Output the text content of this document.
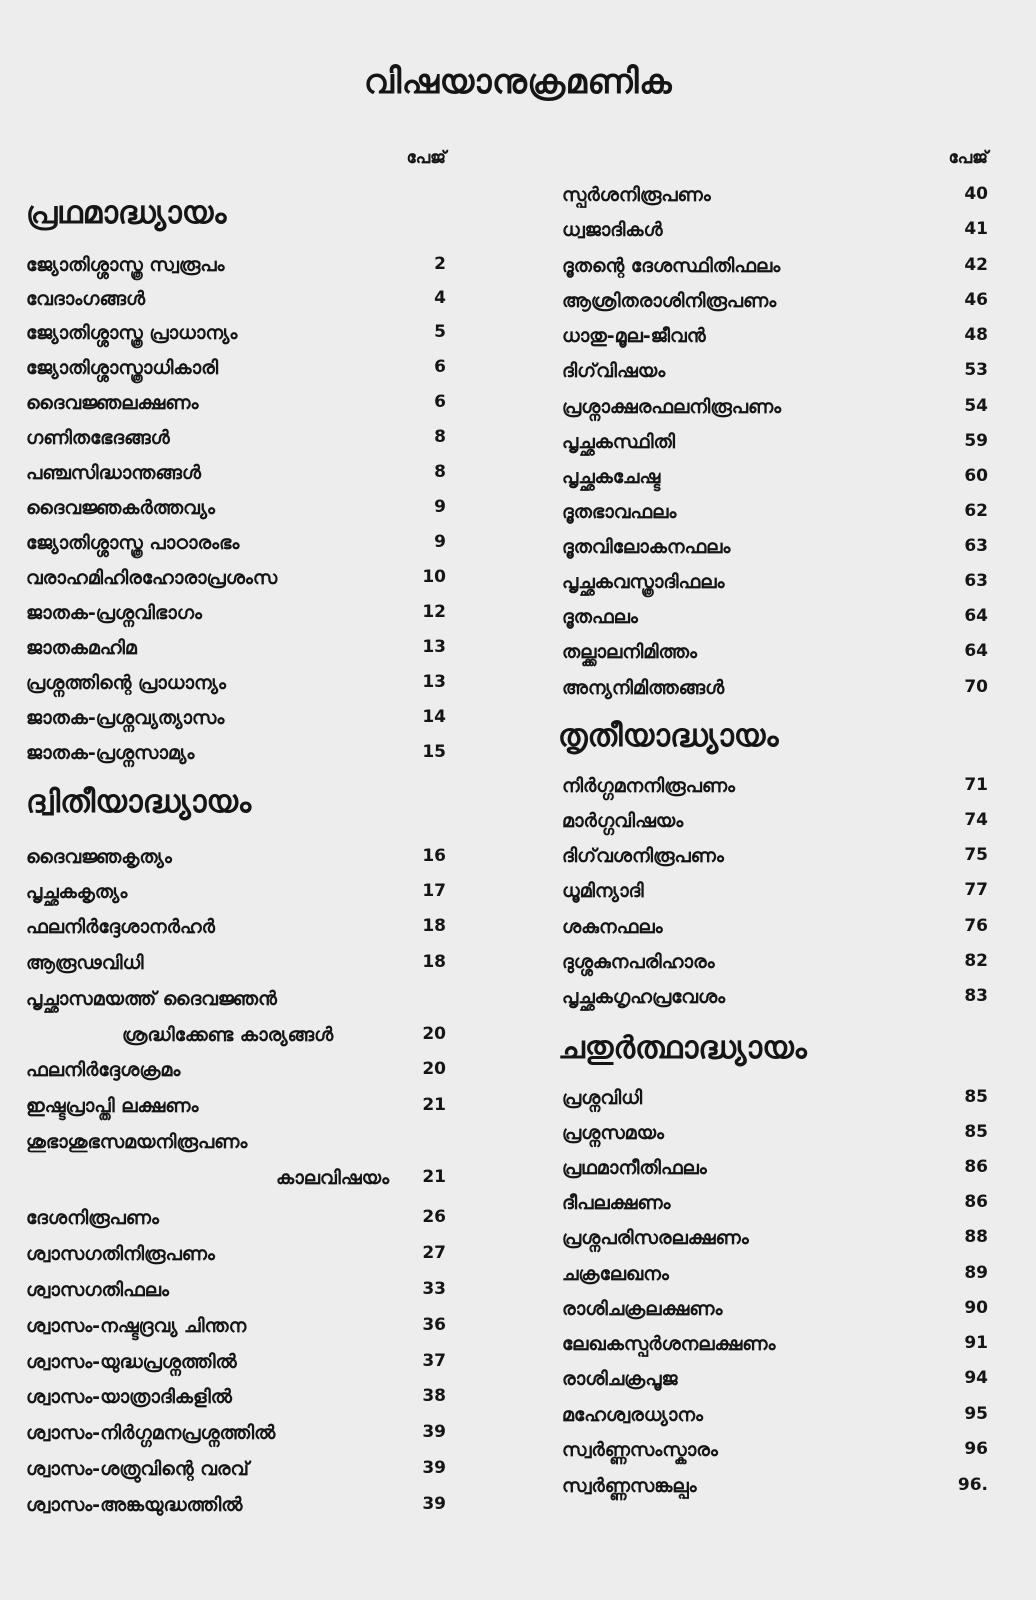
വിഷയാനുക്രമണിക
പേജ്
പ്രഥമാദ്ധ്യായം
ജ്യോതിശ്ശാസ്ത്ര സ്വരൂപം	2
വേദാംഗങ്ങൾ	4
ജ്യോതിശ്ശാസ്ത്ര പ്രാധാന്യം	5
ജ്യോതിശ്ശാസ്ത്രാധികാരി	6
ദൈവജ്ഞലക്ഷണം	6
ഗണിതഭേദങ്ങൾ	8
പഞ്ചസിദ്ധാന്തങ്ങൾ	8
ദൈവജ്ഞകർത്തവ്യം	9
ജ്യോതിശ്ശാസ്ത്ര പാഠാരംഭം	9
വരാഹമിഹിരഹോരാപ്രശംസ	10
ജാതക-പ്രശ്നവിഭാഗം	12
ജാതകമഹിമ	13
പ്രശ്നത്തിന്റെ പ്രാധാന്യം	13
ജാതക-പ്രശ്നവ്യത്യാസം	14
ജാതക-പ്രശ്നസാമ്യം	15
ദ്വിതീയാദ്ധ്യായം
ദൈവജ്ഞകൃത്യം	16
പൃച്ഛകകൃത്യം	17
ഫലനിർദ്ദേശാനർഹർ	18
ആരൂഢവിധി	18
പൃച്ഛാസമയത്ത് ദൈവജ്ഞൻ
ശ്രദ്ധിക്കേണ്ട കാര്യങ്ങൾ	20
ഫലനിർദ്ദേശക്രമം	20
ഇഷ്ടപ്രാപ്തി ലക്ഷണം	21
ശുഭാശുഭസമയനിരൂപണം
കാലവിഷയം 21
ദേശനിരൂപണം	26
ശ്വാസഗതിനിരൂപണം	27
ശ്വാസഗതിഫലം	33
ശ്വാസം-നഷ്ടദ്രവ്യ ചിന്തന	36
ശ്വാസം-യുദ്ധപ്രശ്നത്തിൽ	37
ശ്വാസം-യാത്രാദികളിൽ	38
ശ്വാസം-നിർഗ്ഗമനപ്രശ്നത്തിൽ	39
ശ്വാസം-ശത്രുവിന്റെ വരവ്	39
ശ്വാസം-അങ്കയുദ്ധത്തിൽ	39
പേജ്
സ്പർശനിരൂപണം	40
ധ്വജാദികൾ	41
ദൂതന്റെ ദേശസ്ഥിതിഫലം	42
ആശ്രിതരാശിനിരൂപണം	46
ധാതു-മൂല-ജീവൻ	48
ദിഗ്‌വിഷയം	53
പ്രശ്നാക്ഷരഫലനിരൂപണം	54
പൃച്ഛകസ്ഥിതി	59
പൃച്ഛകചേഷ്ട	60
ദൂതഭാവഫലം	62
ദൂതവിലോകനഫലം	63
പൃച്ഛകവസ്ത്രാദിഫലം	63
ദൂതഫലം	64
തല്ക്കാലനിമിത്തം	64
അന്യനിമിത്തങ്ങൾ	70
തൃതീയാദ്ധ്യായം
നിർഗ്ഗമനനിരൂപണം	71
മാർഗ്ഗവിഷയം	74
ദിഗ്‌വശനിരൂപണം	75
ധൂമിന്യാദി	77
ശകുനഫലം	76
ദുശ്ശകുനപരിഹാരം	82
പൃച്ഛകഗൃഹപ്രവേശം	83
ചതുർത്ഥാദ്ധ്യായം
പ്രശ്നവിധി	85
പ്രശ്നസമയം	85
പ്രഥമാനീതിഫലം	86
ദീപലക്ഷണം	86
പ്രശ്നപരിസരലക്ഷണം	88
ചക്രലേഖനം	89
രാശിചക്രലക്ഷണം	90
ലേഖകസ്പർശനലക്ഷണം	91
രാശിചക്രപൂജ	94
മഹേശ്വരധ്യാനം	95
സ്വർണ്ണസംസ്കാരം	96
സ്വർണ്ണസങ്കല്പം	96.
